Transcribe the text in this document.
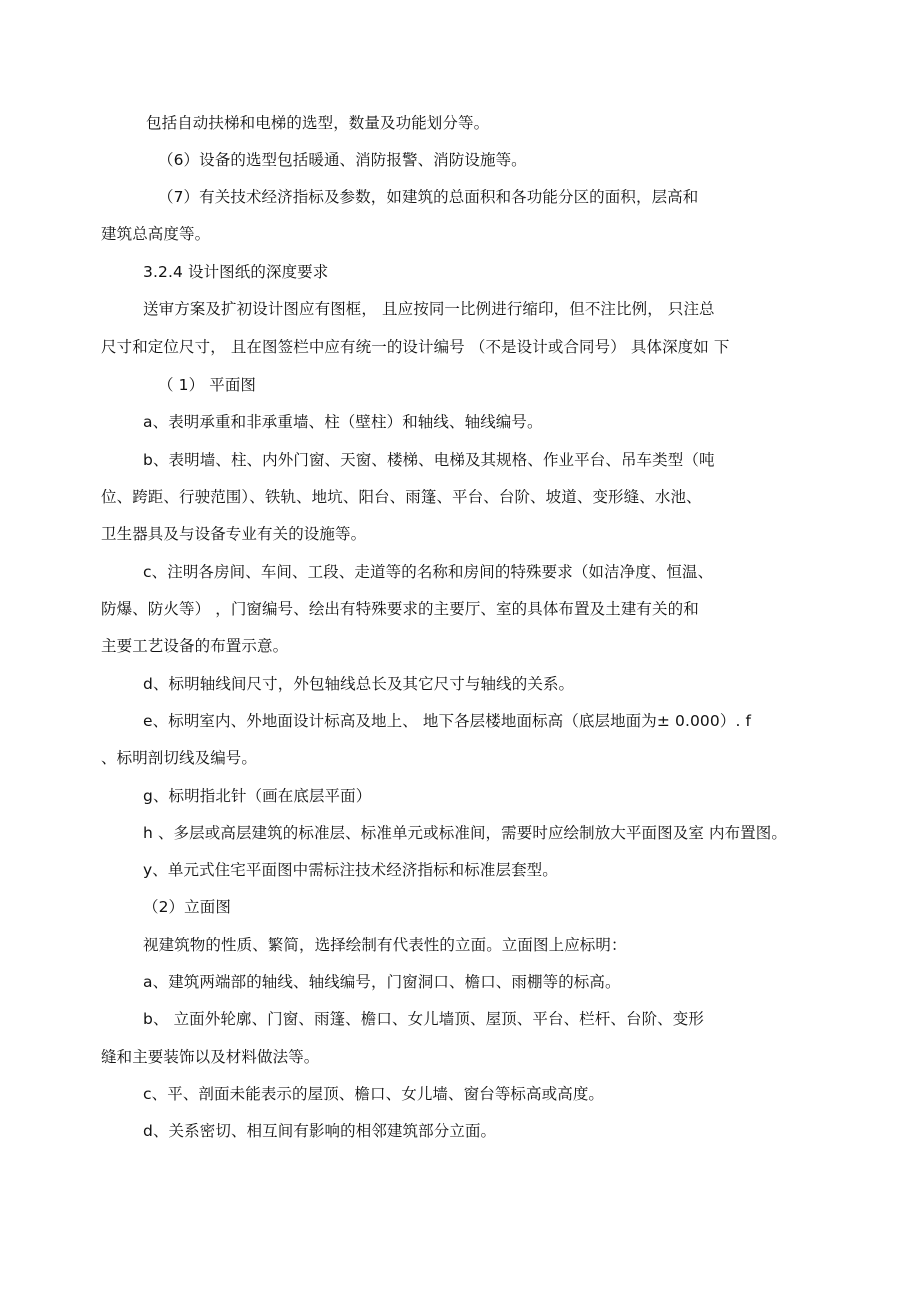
包括自动扶梯和电梯的选型，数量及功能划分等。
（6）设备的选型包括暖通、消防报警、消防设施等。
（7）有关技术经济指标及参数，如建筑的总面积和各功能分区的面积，层高和
建筑总高度等。
3.2.4 设计图纸的深度要求
送审方案及扩初设计图应有图框， 且应按同一比例进行缩印，但不注比例， 只注总
尺寸和定位尺寸， 且在图签栏中应有统一的设计编号 （不是设计或合同号） 具体深度如 下
（ 1） 平面图
a、表明承重和非承重墙、柱（壁柱）和轴线、轴线编号。
b、表明墙、柱、内外门窗、天窗、楼梯、电梯及其规格、作业平台、吊车类型（吨
位、跨距、行驶范围）、铁轨、地坑、阳台、雨篷、平台、台阶、坡道、变形缝、水池、
卫生器具及与设备专业有关的设施等。
c、注明各房间、车间、工段、走道等的名称和房间的特殊要求（如洁净度、恒温、
防爆、防火等） ，门窗编号、绘出有特殊要求的主要厅、室的具体布置及土建有关的和
主要工艺设备的布置示意。
d、标明轴线间尺寸，外包轴线总长及其它尺寸与轴线的关系。
e、标明室内、外地面设计标高及地上、 地下各层楼地面标高（底层地面为± 0.000）. f
、标明剖切线及编号。
g、标明指北针（画在底层平面）
h 、多层或高层建筑的标准层、标准单元或标准间，需要时应绘制放大平面图及室 内布置图。
y、单元式住宅平面图中需标注技术经济指标和标准层套型。
（2）立面图
视建筑物的性质、繁简，选择绘制有代表性的立面。立面图上应标明：
a、建筑两端部的轴线、轴线编号，门窗洞口、檐口、雨棚等的标高。
b、 立面外轮廓、门窗、雨篷、檐口、女儿墙顶、屋顶、平台、栏杆、台阶、变形
缝和主要装饰以及材料做法等。
c、平、剖面未能表示的屋顶、檐口、女儿墙、窗台等标高或高度。
d、关系密切、相互间有影响的相邻建筑部分立面。
